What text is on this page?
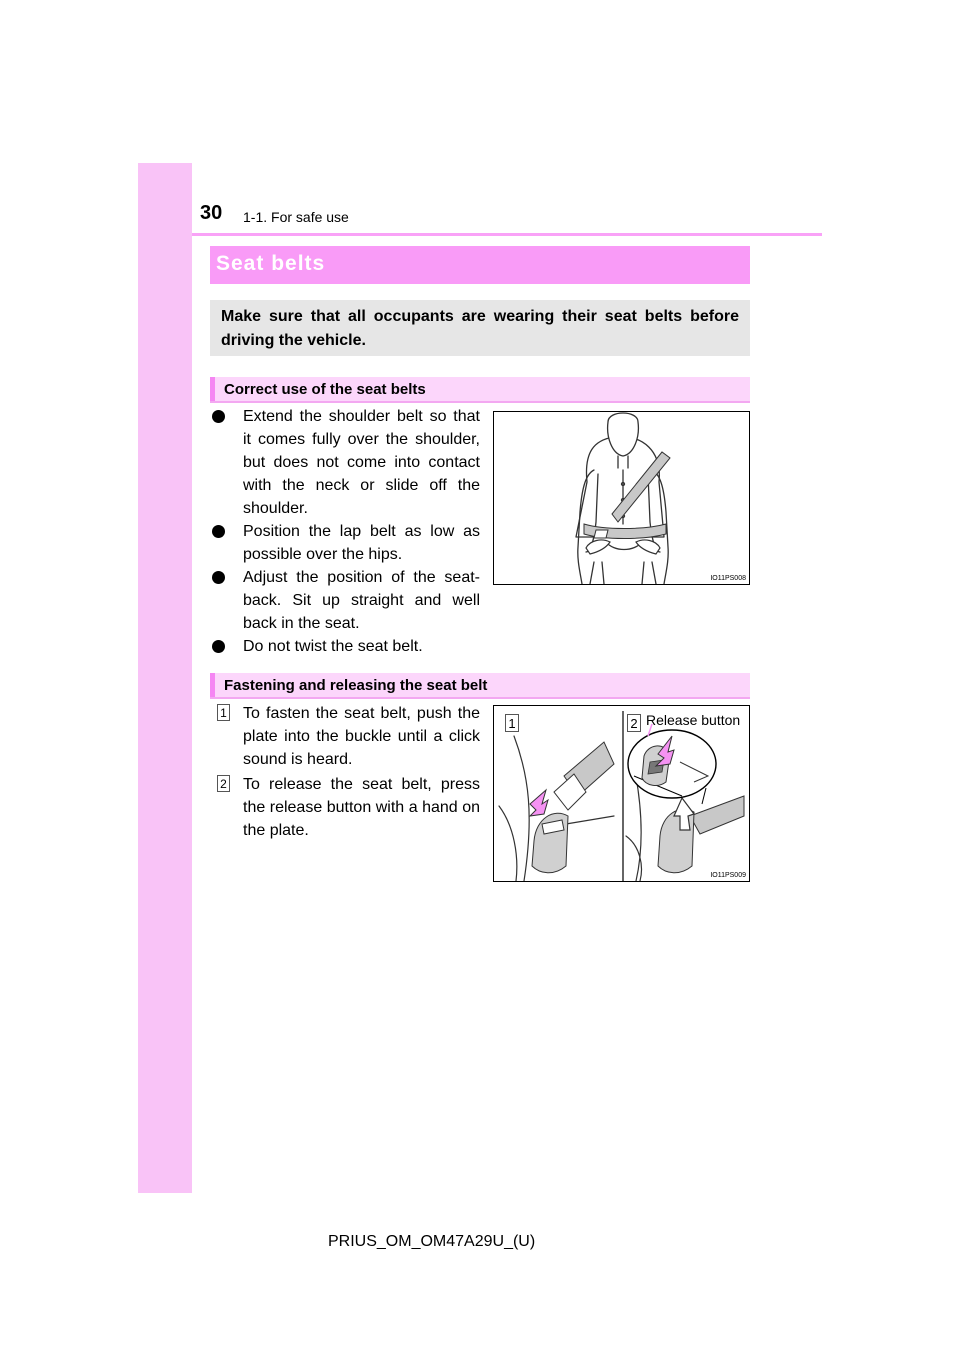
30 1-1. For safe use
Seat belts
Make sure that all occupants are wearing their seat belts before driving the vehicle.
Correct use of the seat belts
Extend the shoulder belt so that it comes fully over the shoulder, but does not come into contact with the neck or slide off the shoulder.
Position the lap belt as low as possible over the hips.
Adjust the position of the seat-back. Sit up straight and well back in the seat.
Do not twist the seat belt.
IO11PS008
Fastening and releasing the seat belt
1 To fasten the seat belt, push the plate into the buckle until a click sound is heard.
2 To release the seat belt, press the release button with a hand on the plate.
1	2 Release button
IO11PS009
PRIUS_OM_OM47A29U_(U)
